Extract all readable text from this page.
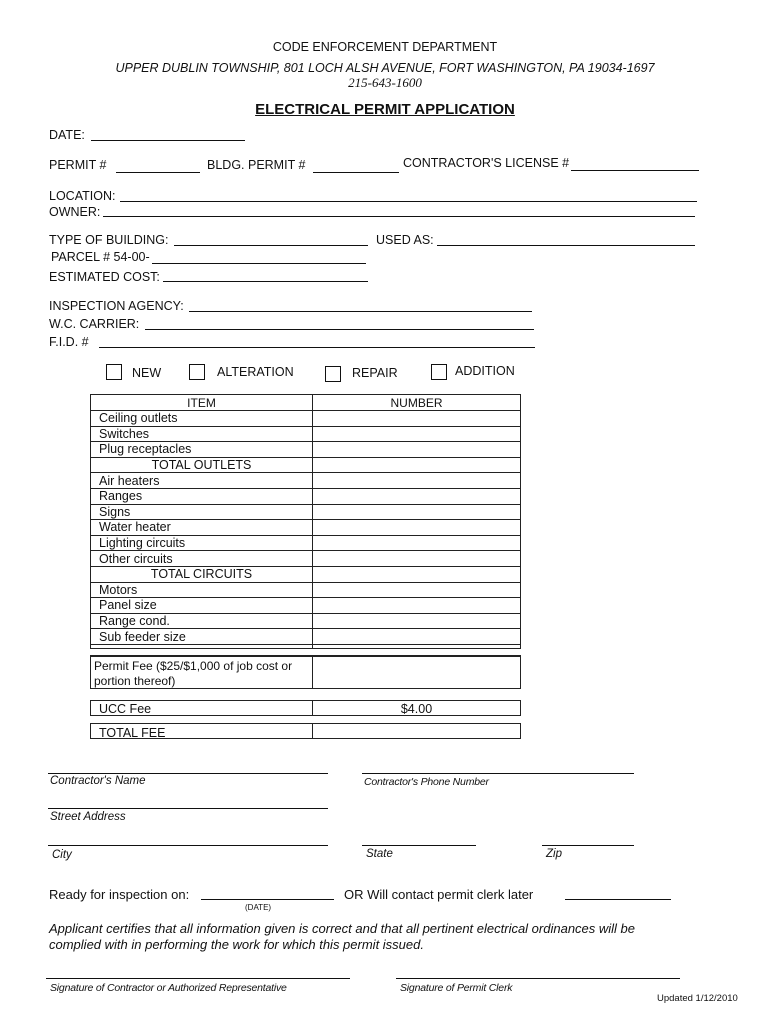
CODE ENFORCEMENT DEPARTMENT
UPPER DUBLIN TOWNSHIP, 801 LOCH ALSH AVENUE, FORT WASHINGTON, PA 19034-1697
215-643-1600
ELECTRICAL PERMIT APPLICATION
DATE:
PERMIT #	BLDG. PERMIT #	CONTRACTOR'S LICENSE #
LOCATION:
OWNER:
TYPE OF BUILDING:	USED AS:
PARCEL # 54-00-
ESTIMATED COST:
INSPECTION AGENCY:
W.C. CARRIER:
F.I.D. #
NEW	ALTERATION	REPAIR	ADDITION
ITEM	NUMBER
Ceiling outlets	
Switches	
Plug receptacles	
TOTAL OUTLETS	
Air heaters	
Ranges	
Signs	
Water heater	
Lighting circuits	
Other circuits	
TOTAL CIRCUITS	
Motors	
Panel size	
Range cond.	
Sub feeder size	

Permit Fee ($25/$1,000 of job cost or
portion thereof)
UCC Fee	$4.00
TOTAL FEE
Contractor's Name	Contractor's Phone Number
Street Address
City	State	Zip
Ready for inspection on:
(DATE)
OR Will contact permit clerk later
Applicant certifies that all information given is correct and that all pertinent electrical ordinances will be
complied with in performing the work for which this permit issued.
Signature of Contractor or Authorized Representative	Signature of Permit Clerk
Updated 1/12/2010
